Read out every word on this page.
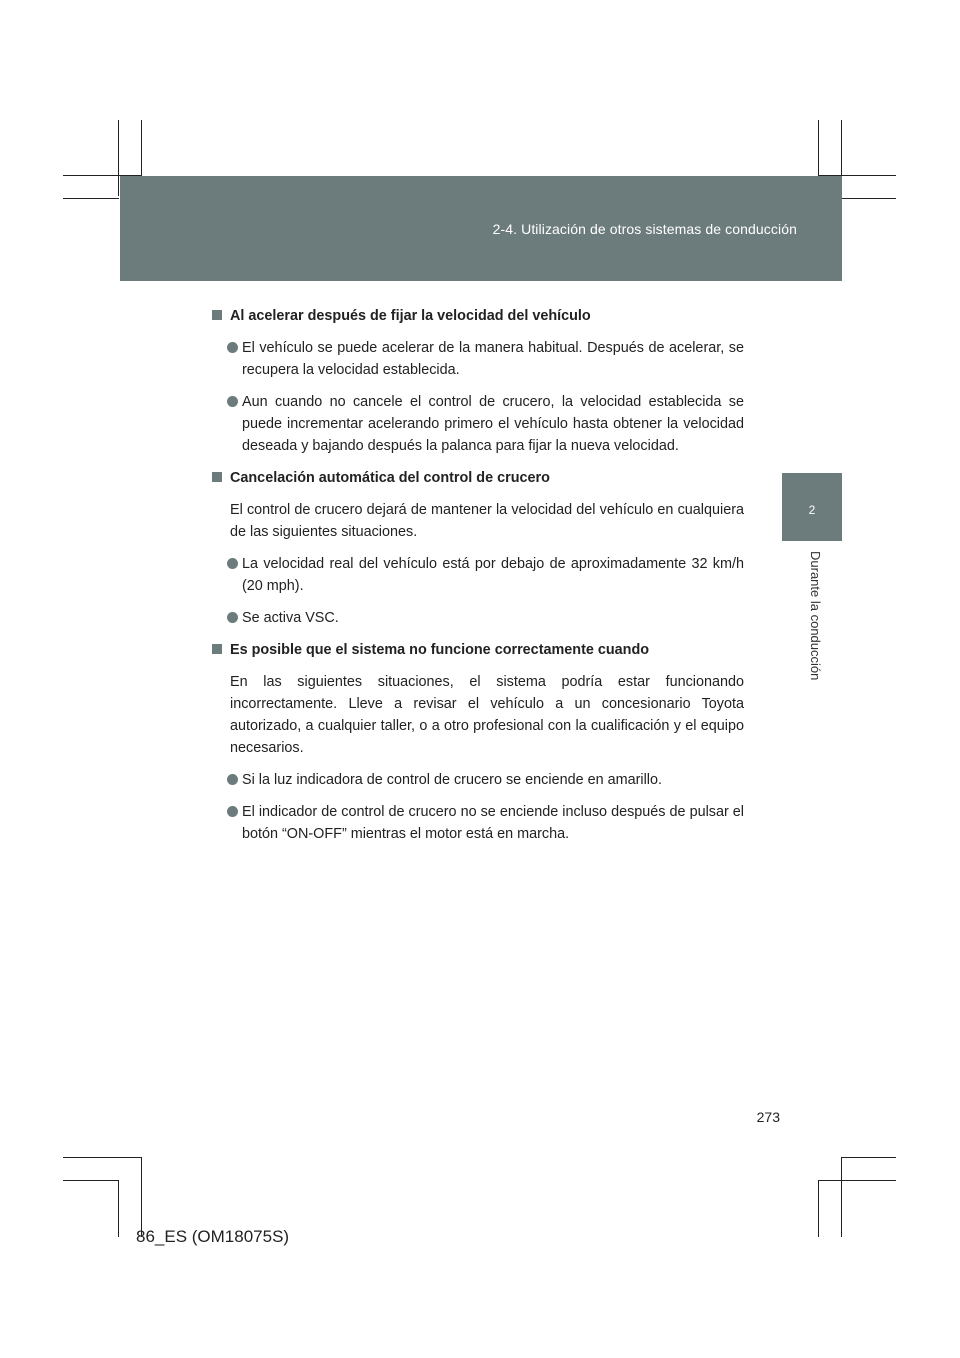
2-4. Utilización de otros sistemas de conducción
2
Durante la conducción
Al acelerar después de fijar la velocidad del vehículo
El vehículo se puede acelerar de la manera habitual. Después de acelerar, se recupera la velocidad establecida.
Aun cuando no cancele el control de crucero, la velocidad establecida se puede incrementar acelerando primero el vehículo hasta obtener la velocidad deseada y bajando después la palanca para fijar la nueva velocidad.
Cancelación automática del control de crucero
El control de crucero dejará de mantener la velocidad del vehículo en cualquiera de las siguientes situaciones.
La velocidad real del vehículo está por debajo de aproximadamente 32 km/h (20 mph).
Se activa VSC.
Es posible que el sistema no funcione correctamente cuando
En las siguientes situaciones, el sistema podría estar funcionando incorrectamente. Lleve a revisar el vehículo a un concesionario Toyota autorizado, a cualquier taller, o a otro profesional con la cualificación y el equipo necesarios.
Si la luz indicadora de control de crucero se enciende en amarillo.
El indicador de control de crucero no se enciende incluso después de pulsar el botón “ON-OFF” mientras el motor está en marcha.
273
86_ES (OM18075S)
